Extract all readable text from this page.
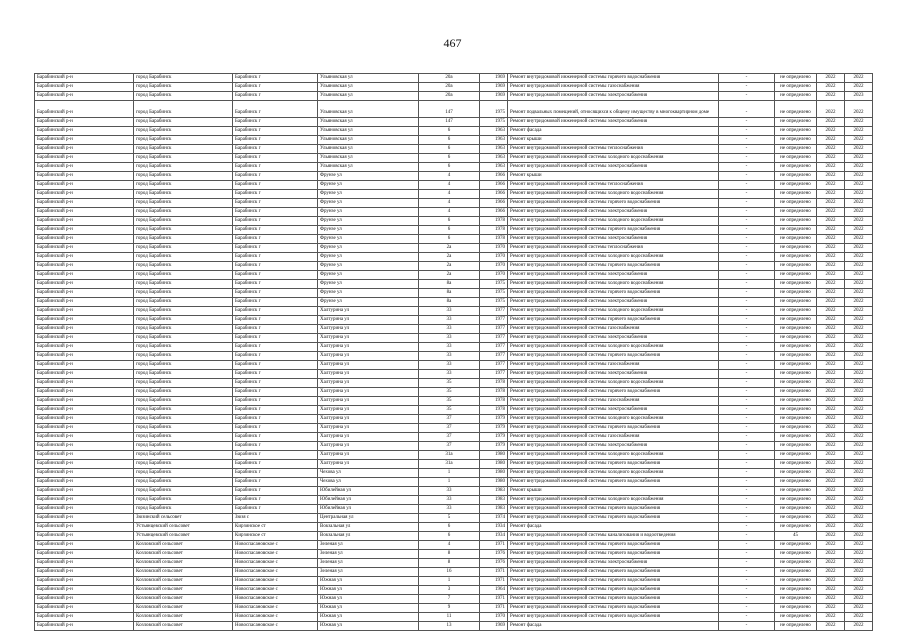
467
Барабинский р-н	город Барабинск	Барабинск г	Ульяновская ул	20а	1969	Ремонт внутридомовой инженерной системы горячего водоснабжения	-	не определено	2022	2022
Барабинский р-н	город Барабинск	Барабинск г	Ульяновская ул	20а	1969	Ремонт внутридомовой инженерной системы газоснабжения	-	не определено	2022	2022
Барабинский р-н	город Барабинск	Барабинск г	Ульяновская ул	20а	1969	Ремонт внутридомовой инженерной системы электроснабжения	-	не определено	2022	2023
Барабинский р-н	город Барабинск	Барабинск г	Ульяновская ул	147	1975	Ремонт подвальных помещений, относящихся к общему имуществу в многоквартирном доме	-	не определено	2022	2022
Барабинский р-н	город Барабинск	Барабинск г	Ульяновская ул	147	1975	Ремонт внутридомовой инженерной системы электроснабжения	-	не определено	2022	2022
Барабинский р-н	город Барабинск	Барабинск г	Ульяновская ул	6	1963	Ремонт фасада	-	не определено	2022	2022
Барабинский р-н	город Барабинск	Барабинск г	Ульяновская ул	6	1963	Ремонт крыши	-	не определено	2022	2022
Барабинский р-н	город Барабинск	Барабинск г	Ульяновская ул	6	1963	Ремонт внутридомовой инженерной системы теплоснабжения	-	не определено	2022	2022
Барабинский р-н	город Барабинск	Барабинск г	Ульяновская ул	6	1963	Ремонт внутридомовой инженерной системы холодного водоснабжения	-	не определено	2022	2022
Барабинский р-н	город Барабинск	Барабинск г	Ульяновская ул	6	1963	Ремонт внутридомовой инженерной системы электроснабжения	-	не определено	2022	2022
Барабинский р-н	город Барабинск	Барабинск г	Фрунзе ул	4	1966	Ремонт крыши	-	не определено	2022	2022
Барабинский р-н	город Барабинск	Барабинск г	Фрунзе ул	4	1966	Ремонт внутридомовой инженерной системы теплоснабжения	-	не определено	2022	2022
Барабинский р-н	город Барабинск	Барабинск г	Фрунзе ул	4	1966	Ремонт внутридомовой инженерной системы холодного водоснабжения	-	не определено	2022	2022
Барабинский р-н	город Барабинск	Барабинск г	Фрунзе ул	4	1966	Ремонт внутридомовой инженерной системы горячего водоснабжения	-	не определено	2022	2022
Барабинский р-н	город Барабинск	Барабинск г	Фрунзе ул	4	1966	Ремонт внутридомовой инженерной системы электроснабжения	-	не определено	2022	2022
Барабинский р-н	город Барабинск	Барабинск г	Фрунзе ул	6	1978	Ремонт внутридомовой инженерной системы холодного водоснабжения	-	не определено	2022	2022
Барабинский р-н	город Барабинск	Барабинск г	Фрунзе ул	6	1978	Ремонт внутридомовой инженерной системы горячего водоснабжения	-	не определено	2022	2022
Барабинский р-н	город Барабинск	Барабинск г	Фрунзе ул	6	1978	Ремонт внутридомовой инженерной системы электроснабжения	-	не определено	2022	2022
Барабинский р-н	город Барабинск	Барабинск г	Фрунзе ул	2а	1970	Ремонт внутридомовой инженерной системы теплоснабжения	-	не определено	2022	2022
Барабинский р-н	город Барабинск	Барабинск г	Фрунзе ул	2а	1970	Ремонт внутридомовой инженерной системы холодного водоснабжения	-	не определено	2022	2022
Барабинский р-н	город Барабинск	Барабинск г	Фрунзе ул	2а	1970	Ремонт внутридомовой инженерной системы горячего водоснабжения	-	не определено	2022	2022
Барабинский р-н	город Барабинск	Барабинск г	Фрунзе ул	2а	1970	Ремонт внутридомовой инженерной системы электроснабжения	-	не определено	2022	2022
Барабинский р-н	город Барабинск	Барабинск г	Фрунзе ул	8а	1975	Ремонт внутридомовой инженерной системы холодного водоснабжения	-	не определено	2022	2022
Барабинский р-н	город Барабинск	Барабинск г	Фрунзе ул	8а	1975	Ремонт внутридомовой инженерной системы горячего водоснабжения	-	не определено	2022	2022
Барабинский р-н	город Барабинск	Барабинск г	Фрунзе ул	8а	1975	Ремонт внутридомовой инженерной системы электроснабжения	-	не определено	2022	2022
Барабинский р-н	город Барабинск	Барабинск г	Халтурина ул	33	1977	Ремонт внутридомовой инженерной системы холодного водоснабжения	-	не определено	2022	2022
Барабинский р-н	город Барабинск	Барабинск г	Халтурина ул	33	1977	Ремонт внутридомовой инженерной системы горячего водоснабжения	-	не определено	2022	2022
Барабинский р-н	город Барабинск	Барабинск г	Халтурина ул	33	1977	Ремонт внутридомовой инженерной системы газоснабжения	-	не определено	2022	2022
Барабинский р-н	город Барабинск	Барабинск г	Халтурина ул	33	1977	Ремонт внутридомовой инженерной системы электроснабжения	-	не определено	2022	2022
Барабинский р-н	город Барабинск	Барабинск г	Халтурина ул	33	1977	Ремонт внутридомовой инженерной системы холодного водоснабжения	-	не определено	2022	2022
Барабинский р-н	город Барабинск	Барабинск г	Халтурина ул	33	1977	Ремонт внутридомовой инженерной системы горячего водоснабжения	-	не определено	2022	2022
Барабинский р-н	город Барабинск	Барабинск г	Халтурина ул	33	1977	Ремонт внутридомовой инженерной системы газоснабжения	-	не определено	2022	2022
Барабинский р-н	город Барабинск	Барабинск г	Халтурина ул	33	1977	Ремонт внутридомовой инженерной системы электроснабжения	-	не определено	2022	2022
Барабинский р-н	город Барабинск	Барабинск г	Халтурина ул	35	1978	Ремонт внутридомовой инженерной системы холодного водоснабжения	-	не определено	2022	2022
Барабинский р-н	город Барабинск	Барабинск г	Халтурина ул	35	1978	Ремонт внутридомовой инженерной системы горячего водоснабжения	-	не определено	2022	2022
Барабинский р-н	город Барабинск	Барабинск г	Халтурина ул	35	1978	Ремонт внутридомовой инженерной системы газоснабжения	-	не определено	2022	2022
Барабинский р-н	город Барабинск	Барабинск г	Халтурина ул	35	1978	Ремонт внутридомовой инженерной системы электроснабжения	-	не определено	2022	2022
Барабинский р-н	город Барабинск	Барабинск г	Халтурина ул	37	1979	Ремонт внутридомовой инженерной системы холодного водоснабжения	-	не определено	2022	2022
Барабинский р-н	город Барабинск	Барабинск г	Халтурина ул	37	1979	Ремонт внутридомовой инженерной системы горячего водоснабжения	-	не определено	2022	2022
Барабинский р-н	город Барабинск	Барабинск г	Халтурина ул	37	1979	Ремонт внутридомовой инженерной системы газоснабжения	-	не определено	2022	2022
Барабинский р-н	город Барабинск	Барабинск г	Халтурина ул	37	1979	Ремонт внутридомовой инженерной системы электроснабжения	-	не определено	2022	2022
Барабинский р-н	город Барабинск	Барабинск г	Халтурина ул	31а	1980	Ремонт внутридомовой инженерной системы холодного водоснабжения	-	не определено	2022	2022
Барабинский р-н	город Барабинск	Барабинск г	Халтурина ул	31а	1980	Ремонт внутридомовой инженерной системы горячего водоснабжения	-	не определено	2022	2022
Барабинский р-н	город Барабинск	Барабинск г	Чехова ул	1	1980	Ремонт внутридомовой инженерной системы холодного водоснабжения	-	не определено	2022	2022
Барабинский р-н	город Барабинск	Барабинск г	Чехова ул	1	1980	Ремонт внутридомовой инженерной системы горячего водоснабжения	-	не определено	2022	2022
Барабинский р-н	город Барабинск	Барабинск г	Юбилейная ул	33	1983	Ремонт крыши	-	не определено	2022	2022
Барабинский р-н	город Барабинск	Барабинск г	Юбилейная ул	33	1983	Ремонт внутридомовой инженерной системы холодного водоснабжения	-	не определено	2022	2022
Барабинский р-н	город Барабинск	Барабинск г	Юбилейная ул	33	1983	Ремонт внутридомовой инженерной системы горячего водоснабжения	-	не определено	2022	2022
Барабинский р-н	Зюзинский сельсовет	Зюзя с	Центральная ул	5	1974	Ремонт внутридомовой инженерной системы горячего водоснабжения	-	не определено	2022	2022
Барабинский р-н	Устьянцевский сельсовет	Кирзинское ст	Вокзальная ул	6	1934	Ремонт фасада	-	не определено	2022	2022
Барабинский р-н	Устьянцевский сельсовет	Кирзинское ст	Вокзальная ул	6	1934	Ремонт внутридомовой инженерной системы канализования и водоотведения	-	45	2022	2022
Барабинский р-н	Козловский сельсовет	Новоспасановское с	Зеленая ул	4	1971	Ремонт внутридомовой инженерной системы горячего водоснабжения	-	не определено	2022	2022
Барабинский р-н	Козловский сельсовет	Новоспасановское с	Зеленая ул	8	1976	Ремонт внутридомовой инженерной системы горячего водоснабжения	-	не определено	2022	2022
Барабинский р-н	Козловский сельсовет	Новоспасановское с	Зеленая ул	8	1976	Ремонт внутридомовой инженерной системы электроснабжения	-	не определено	2022	2022
Барабинский р-н	Козловский сельсовет	Новоспасановское с	Зеленая ул	16	1971	Ремонт внутридомовой инженерной системы горячего водоснабжения	-	не определено	2022	2022
Барабинский р-н	Козловский сельсовет	Новоспасановское с	Южная ул	1	1971	Ремонт внутридомовой инженерной системы горячего водоснабжения	-	не определено	2022	2022
Барабинский р-н	Козловский сельсовет	Новоспасановское с	Южная ул	3	1964	Ремонт внутридомовой инженерной системы горячего водоснабжения	-	не определено	2022	2022
Барабинский р-н	Козловский сельсовет	Новоспасановское с	Южная ул	7	1971	Ремонт внутридомовой инженерной системы горячего водоснабжения	-	не определено	2022	2022
Барабинский р-н	Козловский сельсовет	Новоспасановское с	Южная ул	9	1971	Ремонт внутридомовой инженерной системы горячего водоснабжения	-	не определено	2022	2022
Барабинский р-н	Козловский сельсовет	Новоспасановское с	Южная ул	11	1970	Ремонт внутридомовой инженерной системы горячего водоснабжения	-	не определено	2022	2022
Барабинский р-н	Козловский сельсовет	Новоспасановское с	Южная ул	13	1969	Ремонт фасада	-	не определено	2022	2022
